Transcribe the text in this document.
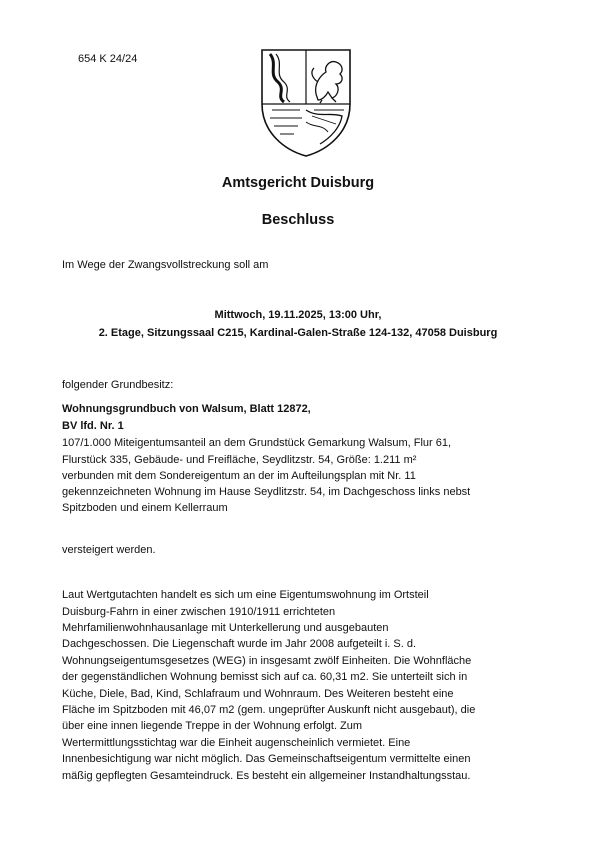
654 K 24/24
Amtsgericht Duisburg
Beschluss
Im Wege der Zwangsvollstreckung soll am
Mittwoch, 19.11.2025, 13:00 Uhr,
2. Etage, Sitzungssaal C215, Kardinal-Galen-Straße 124-132, 47058 Duisburg
folgender Grundbesitz:
Wohnungsgrundbuch von Walsum, Blatt 12872,
BV lfd. Nr. 1
107/1.000 Miteigentumsanteil an dem Grundstück Gemarkung Walsum, Flur 61,
Flurstück 335, Gebäude- und Freifläche, Seydlitzstr. 54, Größe: 1.211 m²
verbunden mit dem Sondereigentum an der im Aufteilungsplan mit Nr. 11
gekennzeichneten Wohnung im Hause Seydlitzstr. 54, im Dachgeschoss links nebst
Spitzboden und einem Kellerraum
versteigert werden.
Laut Wertgutachten handelt es sich um eine Eigentumswohnung im Ortsteil
Duisburg-Fahrn in einer zwischen 1910/1911 errichteten
Mehrfamilienwohnhausanlage mit Unterkellerung und ausgebauten
Dachgeschossen. Die Liegenschaft wurde im Jahr 2008 aufgeteilt i. S. d.
Wohnungseigentumsgesetzes (WEG) in insgesamt zwölf Einheiten. Die Wohnfläche
der gegenständlichen Wohnung bemisst sich auf ca. 60,31 m2. Sie unterteilt sich in
Küche, Diele, Bad, Kind, Schlafraum und Wohnraum. Des Weiteren besteht eine
Fläche im Spitzboden mit 46,07 m2 (gem. ungeprüfter Auskunft nicht ausgebaut), die
über eine innen liegende Treppe in der Wohnung erfolgt. Zum
Wertermittlungsstichtag war die Einheit augenscheinlich vermietet. Eine
Innenbesichtigung war nicht möglich. Das Gemeinschaftseigentum vermittelte einen
mäßig gepflegten Gesamteindruck. Es besteht ein allgemeiner Instandhaltungsstau.
